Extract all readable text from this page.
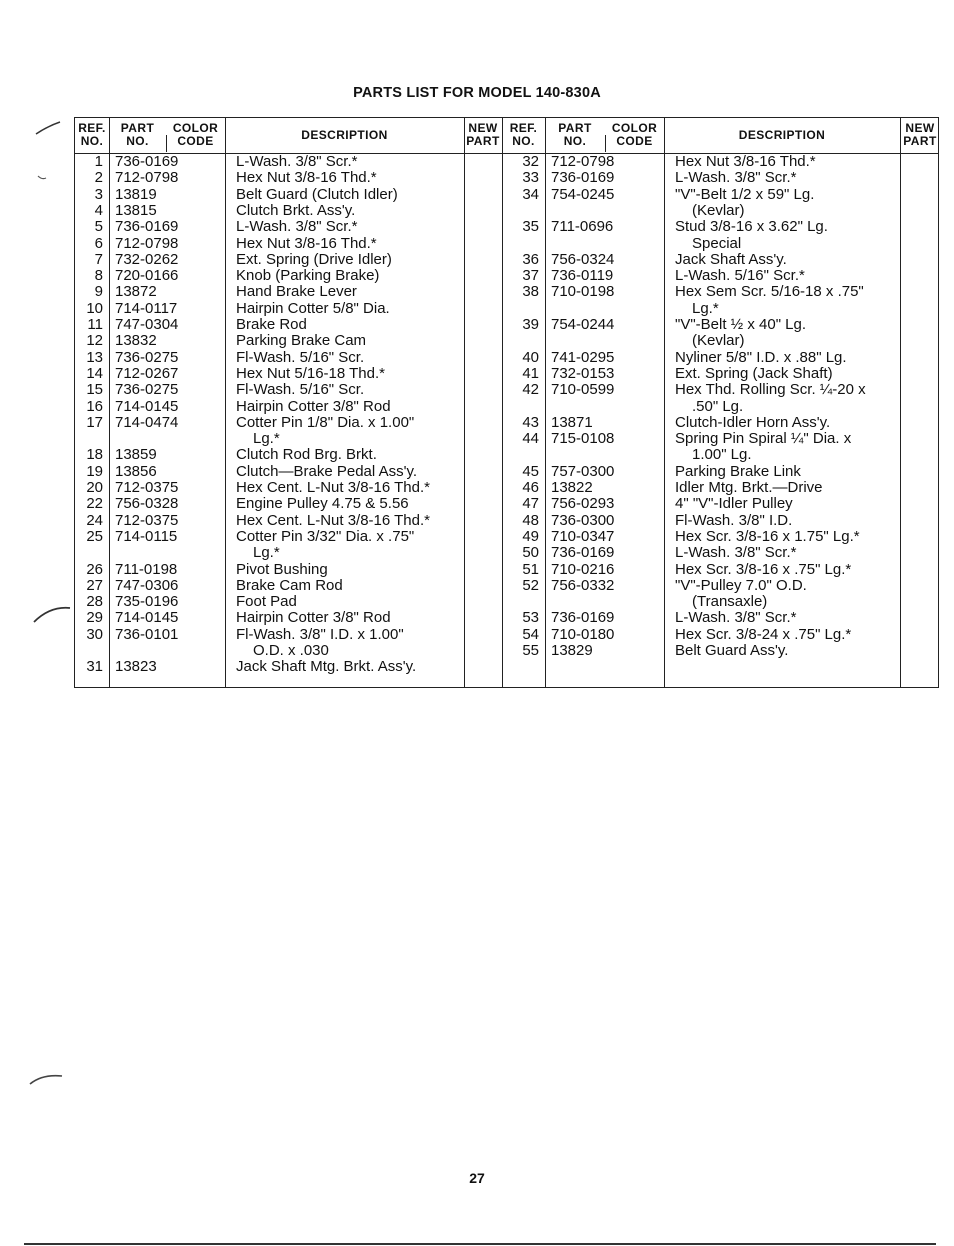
PARTS LIST FOR MODEL 140-830A
REF.
NO.
PART
NO.
COLOR
CODE	DESCRIPTION	NEW
PART
REF.
NO.
PART
NO.
COLOR
CODE	DESCRIPTION	NEW
PART
1 736-0169	L-Wash. 3/8" Scr.*
2 712-0798	Hex Nut 3/8-16 Thd.*
3 13819	Belt Guard (Clutch Idler)
4 13815	Clutch Brkt. Ass'y.
5 736-0169	L-Wash. 3/8" Scr.*
6 712-0798	Hex Nut 3/8-16 Thd.*
7 732-0262	Ext. Spring (Drive Idler)
8 720-0166	Knob (Parking Brake)
9 13872	Hand Brake Lever
10 714-0117	Hairpin Cotter 5/8" Dia.
11 747-0304	Brake Rod
12 13832	Parking Brake Cam
13 736-0275	Fl-Wash. 5/16" Scr.
14 712-0267	Hex Nut 5/16-18 Thd.*
15 736-0275	Fl-Wash. 5/16" Scr.
16 714-0145	Hairpin Cotter 3/8" Rod
17 714-0474	Cotter Pin 1/8" Dia. x 1.00"
Lg.*
18 13859	Clutch Rod Brg. Brkt.
19 13856	Clutch—Brake Pedal Ass'y.
20 712-0375	Hex Cent. L-Nut 3/8-16 Thd.*
22 756-0328	Engine Pulley 4.75 & 5.56
24 712-0375	Hex Cent. L-Nut 3/8-16 Thd.*
25 714-0115	Cotter Pin 3/32" Dia. x .75"
Lg.*
26 711-0198	Pivot Bushing
27 747-0306	Brake Cam Rod
28 735-0196	Foot Pad
29 714-0145	Hairpin Cotter 3/8" Rod
30 736-0101	Fl-Wash. 3/8" I.D. x 1.00"
O.D. x .030
31 13823	Jack Shaft Mtg. Brkt. Ass'y.
32 712-0798	Hex Nut 3/8-16 Thd.*
33 736-0169	L-Wash. 3/8" Scr.*
34 754-0245	"V"-Belt 1/2 x 59" Lg.
(Kevlar)
35 711-0696	Stud 3/8-16 x 3.62" Lg.
Special
36 756-0324	Jack Shaft Ass'y.
37 736-0119	L-Wash. 5/16" Scr.*
38 710-0198	Hex Sem Scr. 5/16-18 x .75"
Lg.*
39 754-0244	"V"-Belt ½ x 40" Lg.
(Kevlar)
40 741-0295	Nyliner 5/8" I.D. x .88" Lg.
41 732-0153	Ext. Spring (Jack Shaft)
42 710-0599	Hex Thd. Rolling Scr. ¼-20 x
.50" Lg.
43 13871	Clutch-Idler Horn Ass'y.
44 715-0108	Spring Pin Spiral ¼" Dia. x
1.00" Lg.
45 757-0300	Parking Brake Link
46 13822	Idler Mtg. Brkt.—Drive
47 756-0293	4" "V"-Idler Pulley
48 736-0300	Fl-Wash. 3/8" I.D.
49 710-0347	Hex Scr. 3/8-16 x 1.75" Lg.*
50 736-0169	L-Wash. 3/8" Scr.*
51 710-0216	Hex Scr. 3/8-16 x .75" Lg.*
52 756-0332	"V"-Pulley 7.0" O.D.
(Transaxle)
53 736-0169	L-Wash. 3/8" Scr.*
54 710-0180	Hex Scr. 3/8-24 x .75" Lg.*
55 13829	Belt Guard Ass'y.
27
